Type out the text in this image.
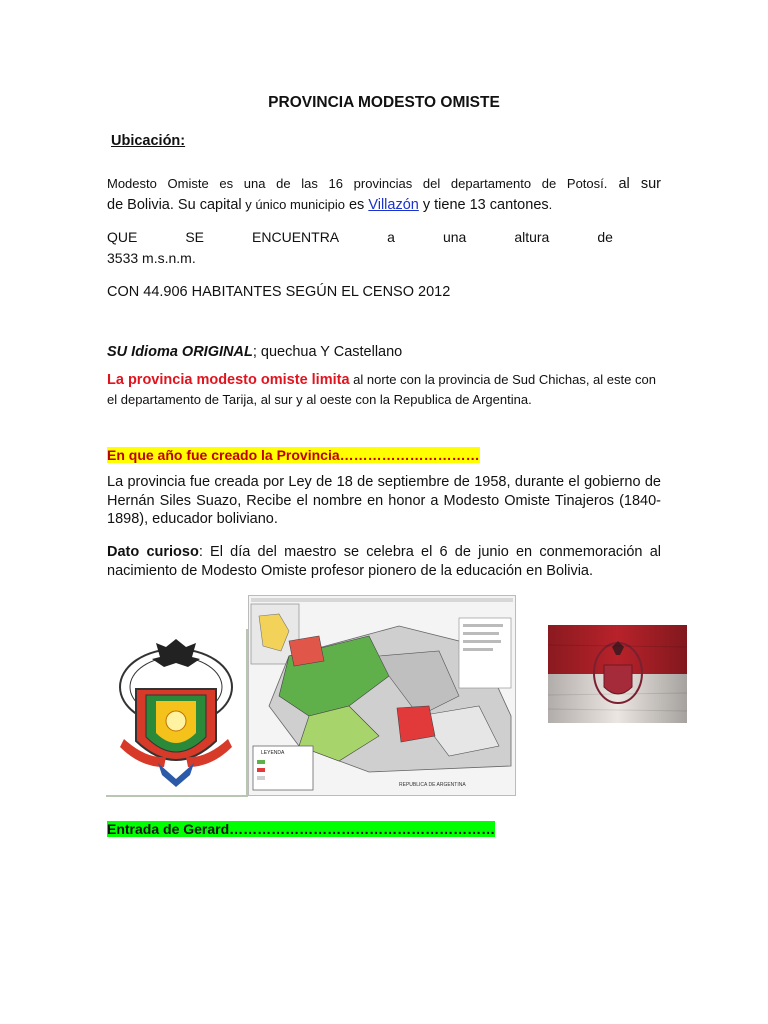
PROVINCIA MODESTO OMISTE
Ubicación:
Modesto Omiste es una de las 16 provincias del departamento de Potosí. al sur
de Bolivia. Su capital y único municipio es Villazón y tiene 13 cantones.
QUE	SE	ENCUENTRA	a	una	altura	de
3533 m.s.n.m.
CON 44.906 HABITANTES SEGÚN EL CENSO 2012
SU Idioma ORIGINAL; quechua Y Castellano
La provincia modesto omiste limita al norte con la provincia de Sud Chichas, al este con el departamento de Tarija, al sur y al oeste con la Republica de Argentina.
En que año fue creado la Provincia…………………………
La provincia fue creada por Ley de 18 de septiembre de 1958, durante el gobierno de Hernán Siles Suazo, Recibe el nombre en honor a Modesto Omiste Tinajeros (1840-1898), educador boliviano.
Dato curioso: El día del maestro se celebra el 6 de junio en conmemoración al nacimiento de Modesto Omiste profesor pionero de la educación en Bolivia.
LEYENDA
REPUBLICA DE ARGENTINA
Entrada de Gerard…………………………………………………
